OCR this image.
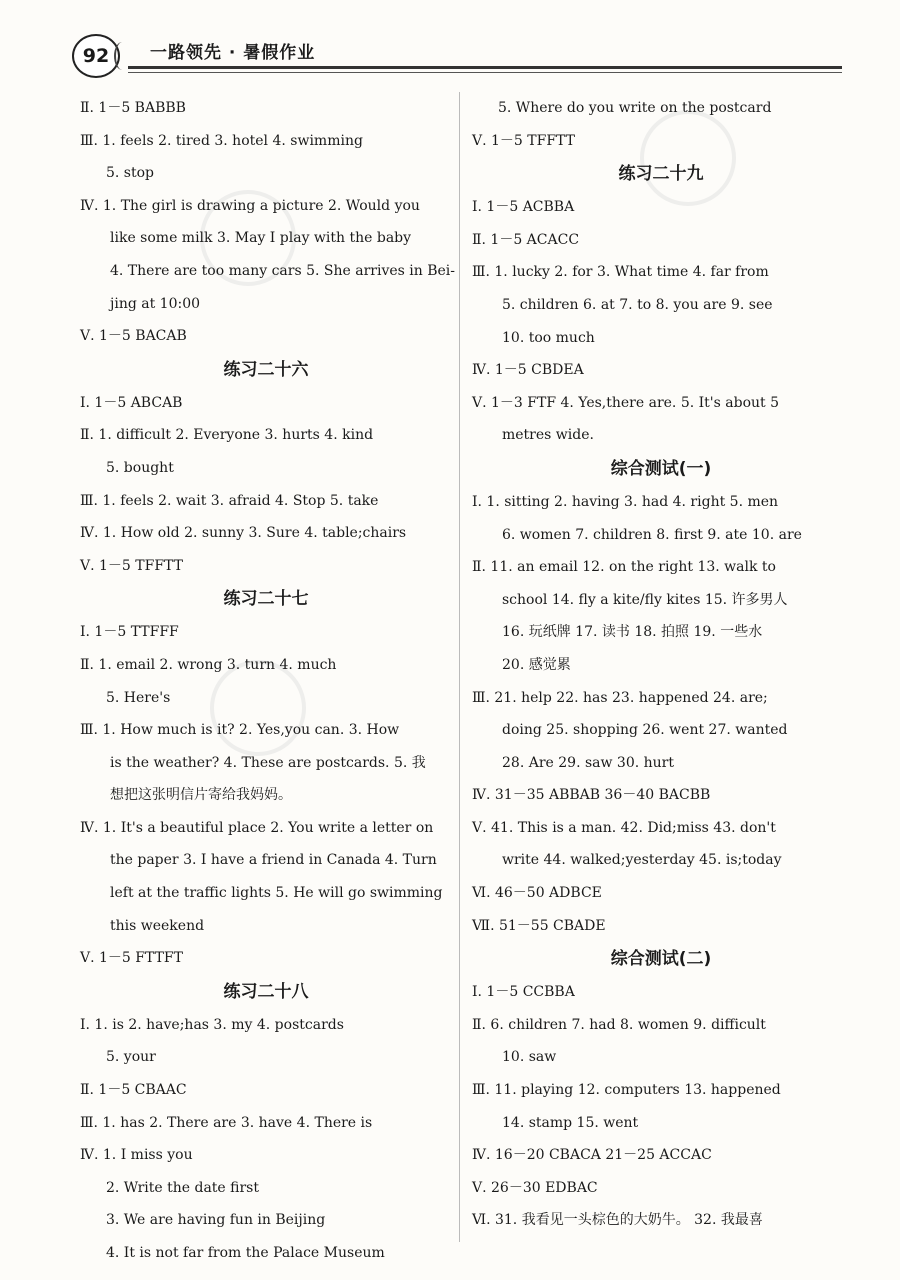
92	一路领先 · 暑假作业
Ⅱ. 1－5 BABBB
Ⅲ. 1. feels 2. tired 3. hotel 4. swimming
5. stop
Ⅳ. 1. The girl is drawing a picture 2. Would you
like some milk 3. May I play with the baby
4. There are too many cars 5. She arrives in Bei-
jing at 10:00
Ⅴ. 1－5 BACAB
练习二十六
Ⅰ. 1－5 ABCAB
Ⅱ. 1. difficult 2. Everyone 3. hurts 4. kind
5. bought
Ⅲ. 1. feels 2. wait 3. afraid 4. Stop 5. take
Ⅳ. 1. How old 2. sunny 3. Sure 4. table;chairs
Ⅴ. 1－5 TFFTT
练习二十七
Ⅰ. 1－5 TTFFF
Ⅱ. 1. email 2. wrong 3. turn 4. much
5. Here's
Ⅲ. 1. How much is it? 2. Yes,you can. 3. How
is the weather? 4. These are postcards. 5. 我
想把这张明信片寄给我妈妈。
Ⅳ. 1. It's a beautiful place 2. You write a letter on
the paper 3. I have a friend in Canada 4. Turn
left at the traffic lights 5. He will go swimming
this weekend
Ⅴ. 1－5 FTTFT
练习二十八
Ⅰ. 1. is 2. have;has 3. my 4. postcards
5. your
Ⅱ. 1－5 CBAAC
Ⅲ. 1. has 2. There are 3. have 4. There is
Ⅳ. 1. I miss you
2. Write the date first
3. We are having fun in Beijing
4. It is not far from the Palace Museum
5. Where do you write on the postcard
Ⅴ. 1－5 TFFTT
练习二十九
Ⅰ. 1－5 ACBBA
Ⅱ. 1－5 ACACC
Ⅲ. 1. lucky 2. for 3. What time 4. far from
5. children 6. at 7. to 8. you are 9. see
10. too much
Ⅳ. 1－5 CBDEA
Ⅴ. 1－3 FTF 4. Yes,there are. 5. It's about 5
metres wide.
综合测试(一)
Ⅰ. 1. sitting 2. having 3. had 4. right 5. men
6. women 7. children 8. first 9. ate 10. are
Ⅱ. 11. an email 12. on the right 13. walk to
school 14. fly a kite/fly kites 15. 许多男人
16. 玩纸牌 17. 读书 18. 拍照 19. 一些水
20. 感觉累
Ⅲ. 21. help 22. has 23. happened 24. are;
doing 25. shopping 26. went 27. wanted
28. Are 29. saw 30. hurt
Ⅳ. 31－35 ABBAB 36－40 BACBB
Ⅴ. 41. This is a man. 42. Did;miss 43. don't
write 44. walked;yesterday 45. is;today
Ⅵ. 46－50 ADBCE
Ⅶ. 51－55 CBADE
综合测试(二)
Ⅰ. 1－5 CCBBA
Ⅱ. 6. children 7. had 8. women 9. difficult
10. saw
Ⅲ. 11. playing 12. computers 13. happened
14. stamp 15. went
Ⅳ. 16－20 CBACA 21－25 ACCAC
Ⅴ. 26－30 EDBAC
Ⅵ. 31. 我看见一头棕色的大奶牛。 32. 我最喜
